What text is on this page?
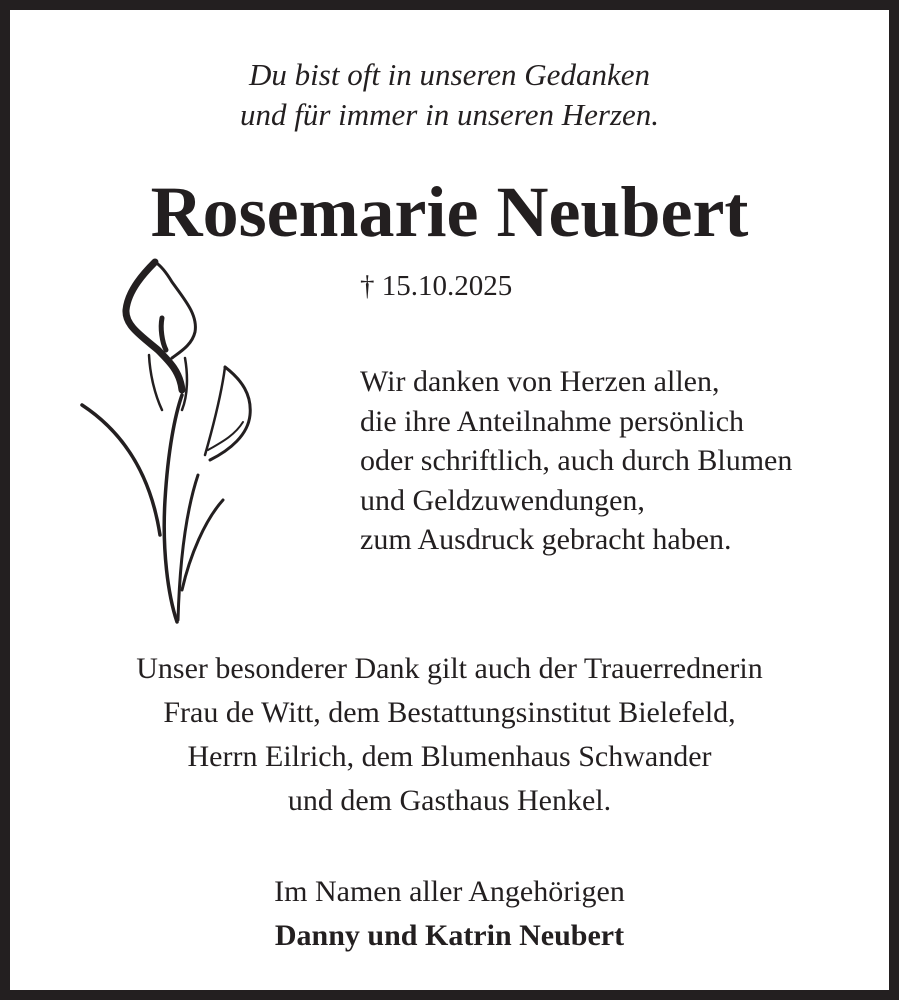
Du bist oft in unseren Gedanken
und für immer in unseren Herzen.
Rosemarie Neubert
† 15.10.2025
Wir danken von Herzen allen,
die ihre Anteilnahme persönlich
oder schriftlich, auch durch Blumen
und Geldzuwendungen,
zum Ausdruck gebracht haben.
Unser besonderer Dank gilt auch der Trauerrednerin
Frau de Witt, dem Bestattungsinstitut Bielefeld,
Herrn Eilrich, dem Blumenhaus Schwander
und dem Gasthaus Henkel.
Im Namen aller Angehörigen
Danny und Katrin Neubert
